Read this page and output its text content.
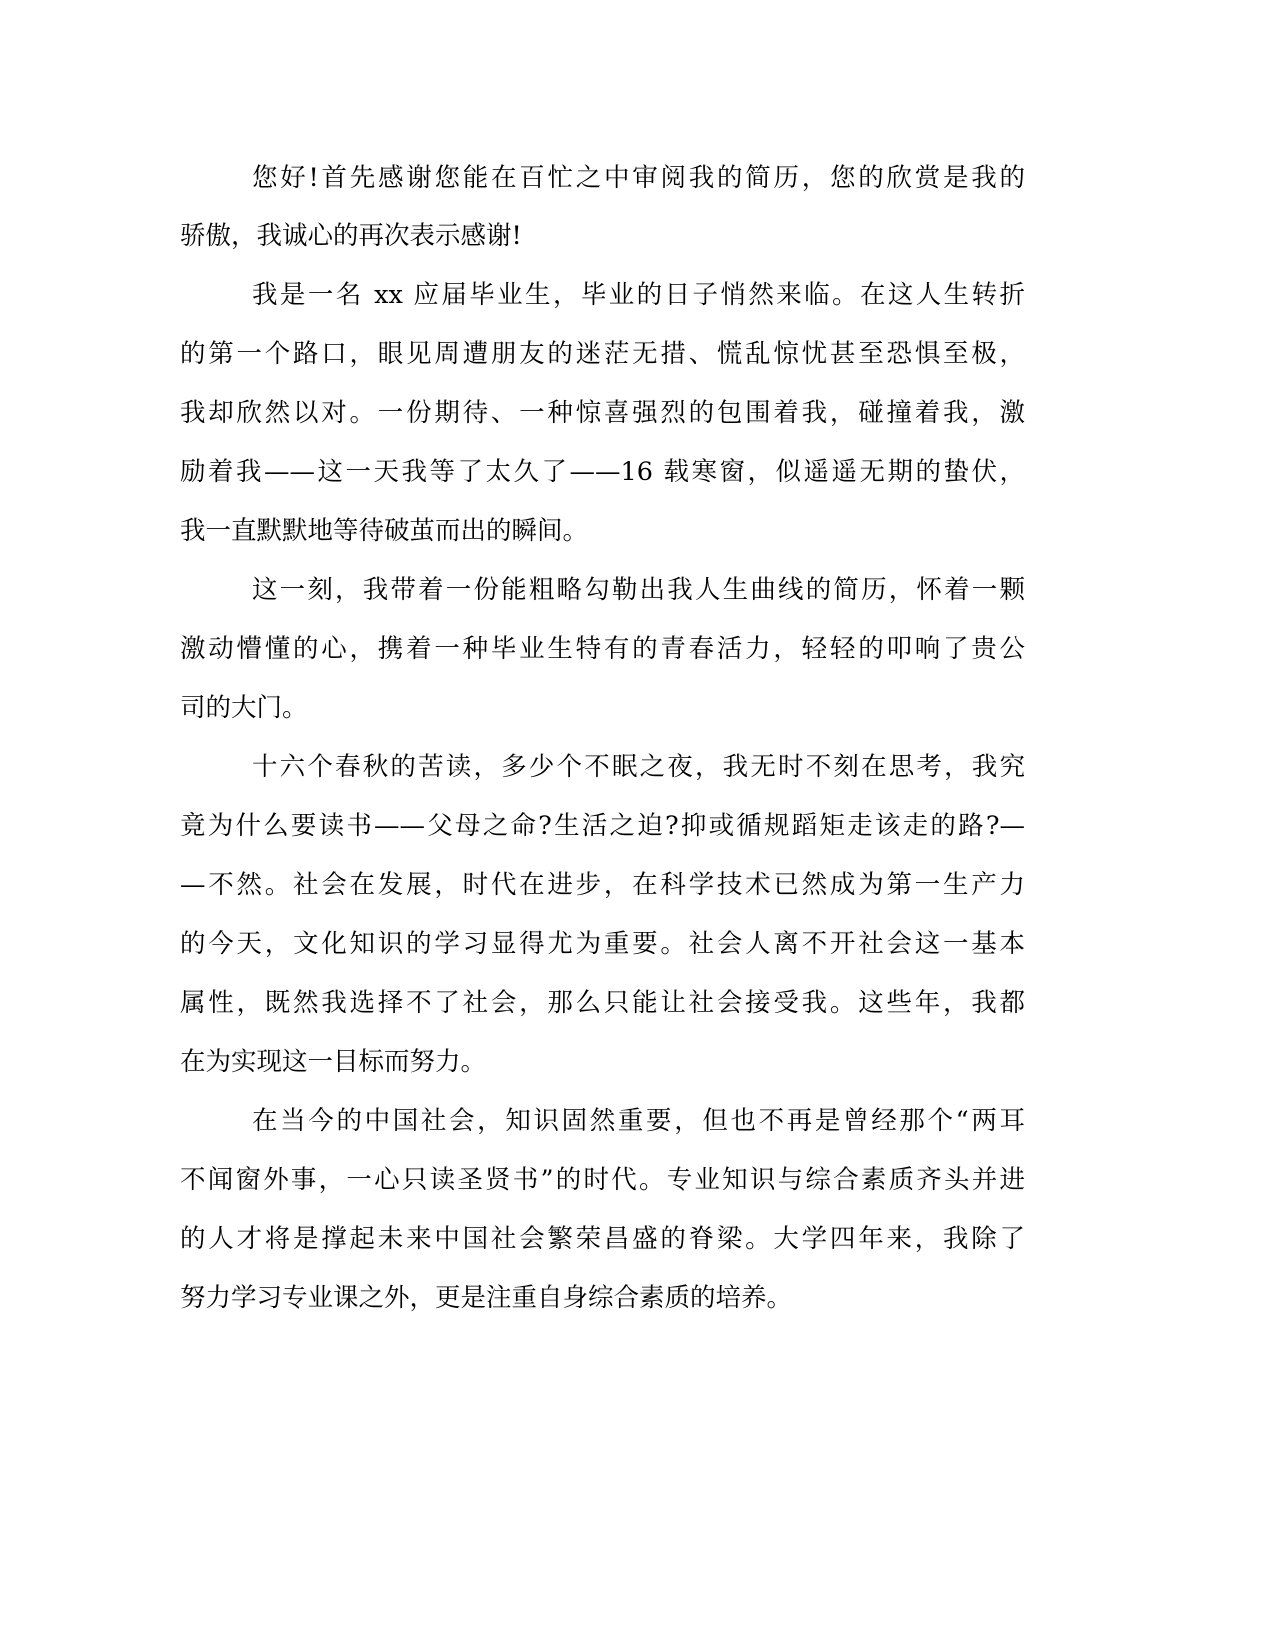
您好!首先感谢您能在百忙之中审阅我的简历，您的欣赏是我的
骄傲，我诚心的再次表示感谢!
我是一名 xx 应届毕业生，毕业的日子悄然来临。在这人生转折
的第一个路口，眼见周遭朋友的迷茫无措、慌乱惊忧甚至恐惧至极，
我却欣然以对。一份期待、一种惊喜强烈的包围着我，碰撞着我，激
励着我——这一天我等了太久了——16 载寒窗，似遥遥无期的蛰伏，
我一直默默地等待破茧而出的瞬间。
这一刻，我带着一份能粗略勾勒出我人生曲线的简历，怀着一颗
激动懵懂的心，携着一种毕业生特有的青春活力，轻轻的叩响了贵公
司的大门。
十六个春秋的苦读，多少个不眠之夜，我无时不刻在思考，我究
竟为什么要读书——父母之命?生活之迫?抑或循规蹈矩走该走的路?—
—不然。社会在发展，时代在进步，在科学技术已然成为第一生产力
的今天，文化知识的学习显得尤为重要。社会人离不开社会这一基本
属性，既然我选择不了社会，那么只能让社会接受我。这些年，我都
在为实现这一目标而努力。
在当今的中国社会，知识固然重要，但也不再是曾经那个“两耳
不闻窗外事，一心只读圣贤书”的时代。专业知识与综合素质齐头并进
的人才将是撑起未来中国社会繁荣昌盛的脊梁。大学四年来，我除了
努力学习专业课之外，更是注重自身综合素质的培养。
